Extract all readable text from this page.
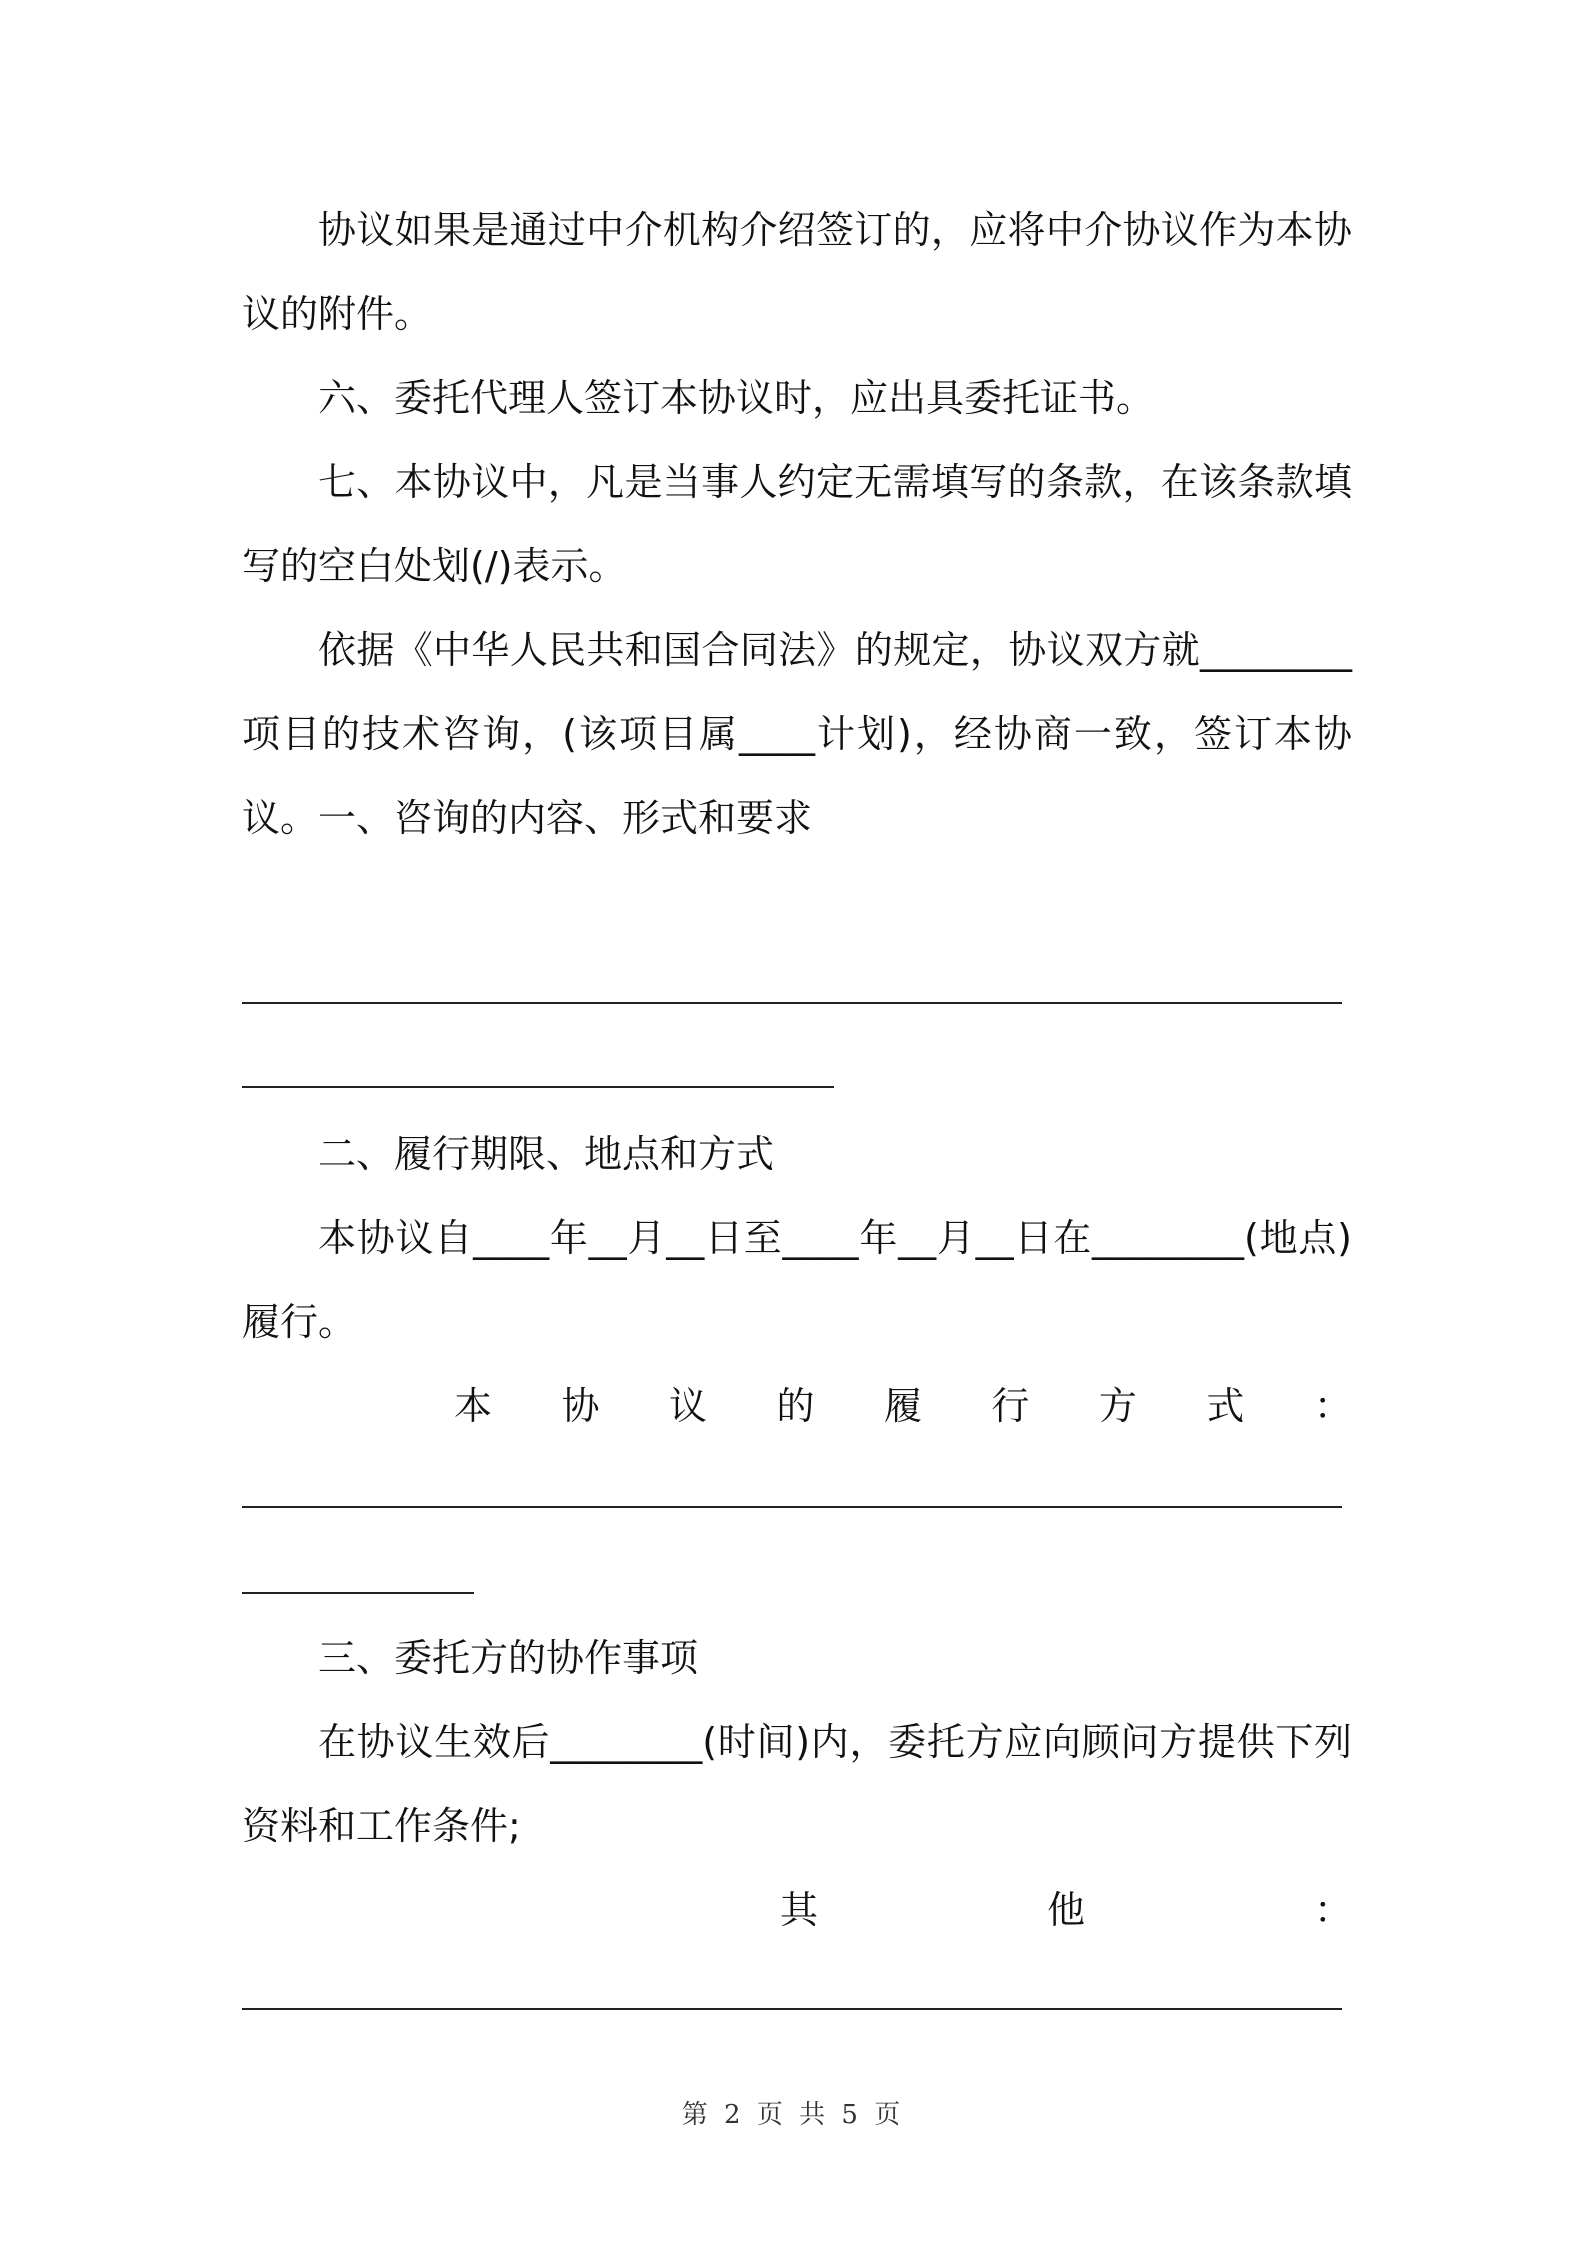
协议如果是通过中介机构介绍签订的，应将中介协议作为本协议的附件。

六、委托代理人签订本协议时，应出具委托证书。

七、本协议中，凡是当事人约定无需填写的条款，在该条款填写的空白处划(/)表示。

依据《中华人民共和国合同法》的规定，协议双方就________项目的技术咨询，(该项目属____计划)，经协商一致，签订本协议。 一、咨询的内容、形式和要求

二、履行期限、地点和方式

本协议自____年__月__日至____年__月__日在________(地点)履行。

本 协 议 的 履 行 方 式 ：

三、委托方的协作事项

在协议生效后________(时间)内，委托方应向顾问方提供下列资料和工作条件;

其	他	：
第 2 页 共 5 页
